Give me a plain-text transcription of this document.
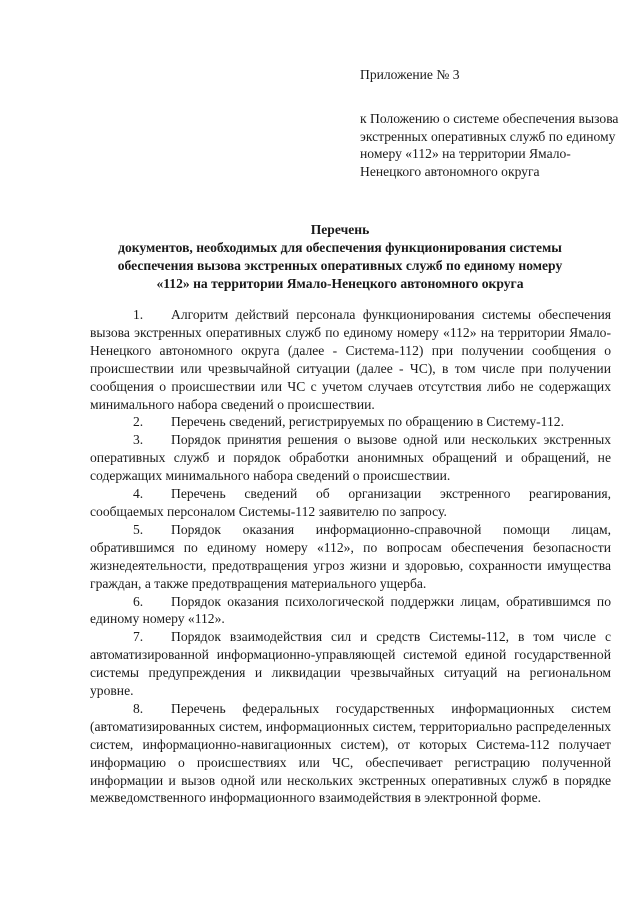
Приложение № 3

к Положению о системе обеспечения вызова экстренных оперативных служб по единому номеру «112» на территории Ямало-Ненецкого автономного округа

Перечень
документов, необходимых для обеспечения функционирования системы
обеспечения вызова экстренных оперативных служб по единому номеру
«112» на территории Ямало-Ненецкого автономного округа

1. Алгоритм действий персонала функционирования системы обеспечения вызова экстренных оперативных служб по единому номеру «112» на территории Ямало-Ненецкого автономного округа (далее - Система-112) при получении сообщения о происшествии или чрезвычайной ситуации (далее - ЧС), в том числе при получении сообщения о происшествии или ЧС с учетом случаев отсутствия либо не содержащих минимального набора сведений о происшествии.

2. Перечень сведений, регистрируемых по обращению в Систему-112.

3. Порядок принятия решения о вызове одной или нескольких экстренных оперативных служб и порядок обработки анонимных обращений и обращений, не содержащих минимального набора сведений о происшествии.

4. Перечень сведений об организации экстренного реагирования, сообщаемых персоналом Системы-112 заявителю по запросу.

5. Порядок оказания информационно-справочной помощи лицам, обратившимся по единому номеру «112», по вопросам обеспечения безопасности жизнедеятельности, предотвращения угроз жизни и здоровью, сохранности имущества граждан, а также предотвращения материального ущерба.

6. Порядок оказания психологической поддержки лицам, обратившимся по единому номеру «112».

7. Порядок взаимодействия сил и средств Системы-112, в том числе с автоматизированной информационно-управляющей системой единой государственной системы предупреждения и ликвидации чрезвычайных ситуаций на региональном уровне.

8. Перечень федеральных государственных информационных систем (автоматизированных систем, информационных систем, территориально распределенных систем, информационно-навигационных систем), от которых Система-112 получает информацию о происшествиях или ЧС, обеспечивает регистрацию полученной информации и вызов одной или нескольких экстренных оперативных служб в порядке межведомственного информационного взаимодействия в электронной форме.
